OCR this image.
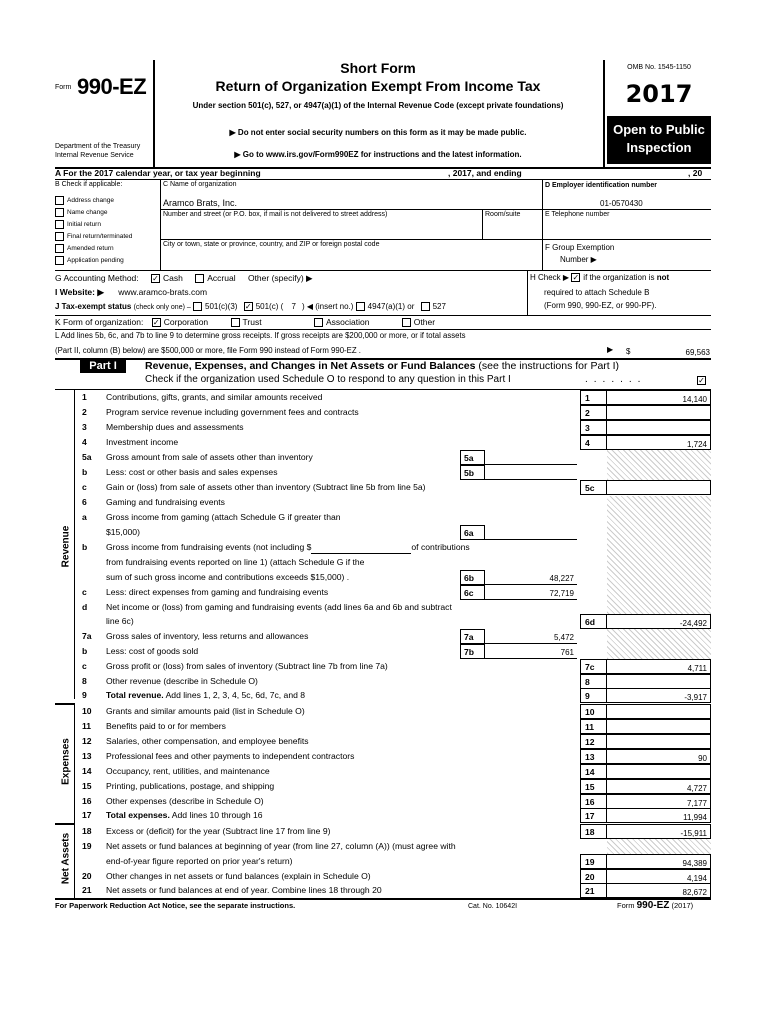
Form 990-EZ
Short Form
Return of Organization Exempt From Income Tax
Under section 501(c), 527, or 4947(a)(1) of the Internal Revenue Code (except private foundations)
▶ Do not enter social security numbers on this form as it may be made public.
▶ Go to www.irs.gov/Form990EZ for instructions and the latest information.
Department of the Treasury
Internal Revenue Service
OMB No. 1545-1150
2017
Open to Public
Inspection
A For the 2017 calendar year, or tax year beginning	, 2017, and ending	, 20
B Check if applicable:
Address change
Name change
Initial return
Final return/terminated
Amended return
Application pending
C Name of organization
Aramco Brats, Inc.
Number and street (or P.O. box, if mail is not delivered to street address)	Room/suite
City or town, state or province, country, and ZIP or foreign postal code
D Employer identification number
01-0570430
E Telephone number
F Group Exemption
Number ▶
G Accounting Method: ✓ Cash	Accrual Other (specify) ▶	H Check ▶ ✓ if the organization is not
required to attach Schedule B
(Form 990, 990-EZ, or 990-PF).
I Website: ▶ www.aramco-brats.com
J Tax-exempt status (check only one) – 501(c)(3) ✓ 501(c) ( 7 ) ◀ (insert no.) 4947(a)(1) or 527
K Form of organization: ✓ Corporation	Trust	Association	Other
L Add lines 5b, 6c, and 7b to line 9 to determine gross receipts. If gross receipts are $200,000 or more, or if total assets
(Part II, column (B) below) are $500,000 or more, file Form 990 instead of Form 990-EZ .	▶ $	69,563
Part I	Revenue, Expenses, and Changes in Net Assets or Fund Balances (see the instructions for Part I)
Check if the organization used Schedule O to respond to any question in this Part I	.......	✓
Revenue
Expenses
Net Assets
1	Contributions, gifts, grants, and similar amounts received	1	14,140
2	Program service revenue including government fees and contracts	2
3	Membership dues and assessments	3
4	Investment income	4	1,724
5a	Gross amount from sale of assets other than inventory	5a
b	Less: cost or other basis and sales expenses	5b
c	Gain or (loss) from sale of assets other than inventory (Subtract line 5b from line 5a)	5c
6	Gaming and fundraising events
a	Gross income from gaming (attach Schedule G if greater than
$15,000)	6a
b	Gross income from fundraising events (not including $	of contributions
from fundraising events reported on line 1) (attach Schedule G if the
sum of such gross income and contributions exceeds $15,000) .	6b	48,227
c	Less: direct expenses from gaming and fundraising events	6c	72,719
d	Net income or (loss) from gaming and fundraising events (add lines 6a and 6b and subtract
line 6c)	6d	-24,492
7a	Gross sales of inventory, less returns and allowances	7a	5,472
b	Less: cost of goods sold	7b	761
c	Gross profit or (loss) from sales of inventory (Subtract line 7b from line 7a)	7c	4,711
8	Other revenue (describe in Schedule O)	8
9	Total revenue. Add lines 1, 2, 3, 4, 5c, 6d, 7c, and 8	9	-3,917
10	Grants and similar amounts paid (list in Schedule O)	10
11	Benefits paid to or for members	11
12	Salaries, other compensation, and employee benefits	12
13	Professional fees and other payments to independent contractors	13	90
14	Occupancy, rent, utilities, and maintenance	14
15	Printing, publications, postage, and shipping	15	4,727
16	Other expenses (describe in Schedule O)	16	7,177
17	Total expenses. Add lines 10 through 16	17	11,994
18	Excess or (deficit) for the year (Subtract line 17 from line 9)	18	-15,911
19	Net assets or fund balances at beginning of year (from line 27, column (A)) (must agree with
end-of-year figure reported on prior year's return)	19	94,389
20	Other changes in net assets or fund balances (explain in Schedule O)	20	4,194
21	Net assets or fund balances at end of year. Combine lines 18 through 20	21	82,672
For Paperwork Reduction Act Notice, see the separate instructions.	Cat. No. 10642I	Form 990-EZ (2017)
